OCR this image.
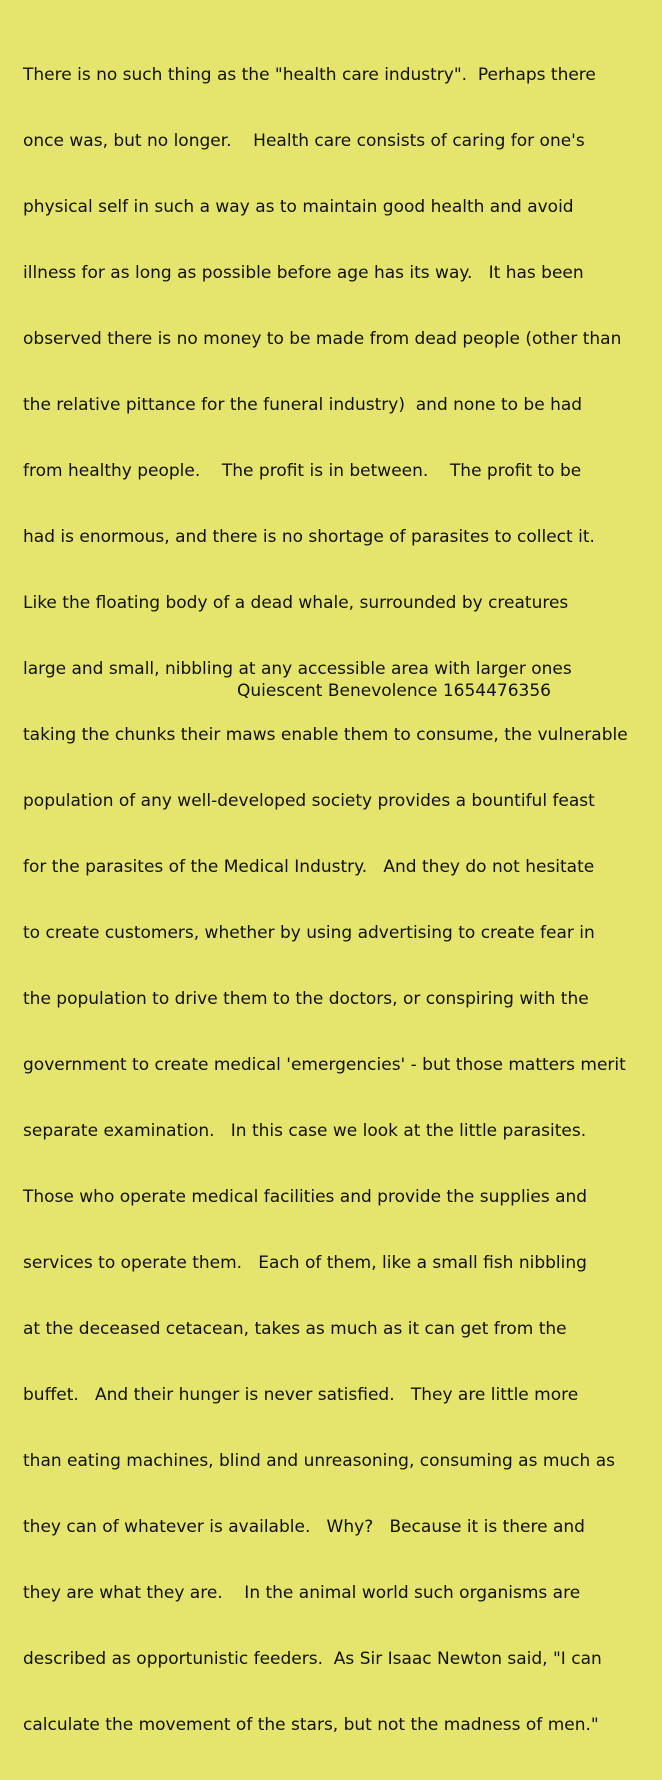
There is no such thing as the "health care industry".  Perhaps there

once was, but no longer.    Health care consists of caring for one's

physical self in such a way as to maintain good health and avoid

illness for as long as possible before age has its way.   It has been

observed there is no money to be made from dead people (other than

the relative pittance for the funeral industry)  and none to be had

from healthy people.    The profit is in between.    The profit to be

had is enormous, and there is no shortage of parasites to collect it.

Like the floating body of a dead whale, surrounded by creatures

large and small, nibbling at any accessible area with larger ones

taking the chunks their maws enable them to consume, the vulnerable

population of any well-developed society provides a bountiful feast

for the parasites of the Medical Industry.   And they do not hesitate

to create customers, whether by using advertising to create fear in

the population to drive them to the doctors, or conspiring with the

government to create medical 'emergencies' - but those matters merit

separate examination.   In this case we look at the little parasites.

Those who operate medical facilities and provide the supplies and

services to operate them.   Each of them, like a small fish nibbling

at the deceased cetacean, takes as much as it can get from the

buffet.   And their hunger is never satisfied.   They are little more

than eating machines, blind and unreasoning, consuming as much as

they can of whatever is available.   Why?   Because it is there and

they are what they are.    In the animal world such organisms are

described as opportunistic feeders.  As Sir Isaac Newton said, "I can

calculate the movement of the stars, but not the madness of men."

Quiescent Benevolence 1654476356
